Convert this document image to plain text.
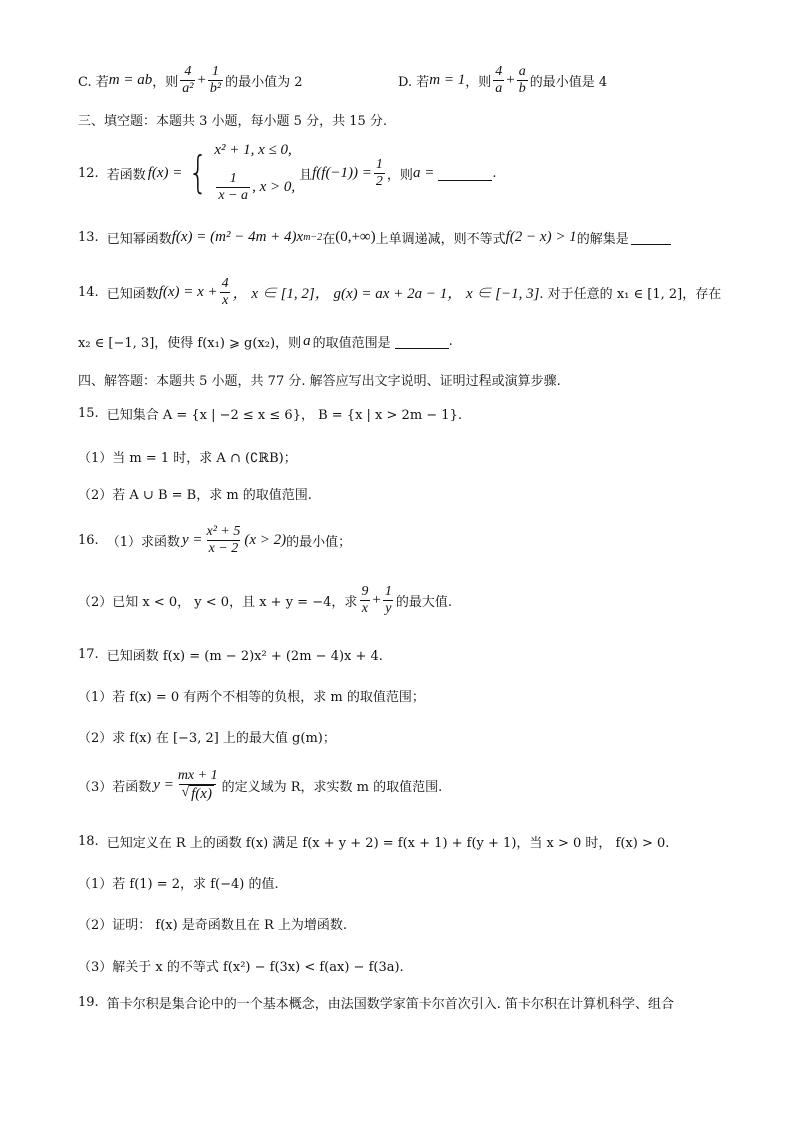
C. 若 m = ab ，则 $\frac{4}{\text{a²}} + \frac{1}{\text{b²}}$ 的最小值为 2	D. 若 m = 1 ，则 $\frac{4}{a} + \frac{a}{b}$ 的最小值是 4
三、填空题：本题共 3 小题，每小题 5 分，共 15 分.
12. 若函数 f(x) = { x² + 1, x ≤ 0,
$\frac{1}{x - a}$ , x > 0,
且 $f(f(-1)) = \frac{1}{2}$ ，则 a =	.
13. 已知幂函数 f(x) = (m² − 4m + 4)x m−2 在 (0,+∞) 上单调递减，则不等式 f(2 − x) > 1 的解集是
14. 已知函数 $f(x) = x + \frac{4}{x}$ ， x ∈ [1, 2] ， g(x) = ax + 2a − 1 ， x ∈ [−1, 3] . 对于任意的 x₁ ∈ [1, 2]，存在
x₂ ∈ [−1, 3]，使得 f(x₁) ⩾ g(x₂)，则 a 的取值范围是	.
四、解答题：本题共 5 小题，共 77 分. 解答应写出文字说明、证明过程或演算步骤.
15. 已知集合 A = {x | −2 ≤ x ≤ 6}， B = {x | x > 2m − 1}.
（1）当 m = 1 时，求 A ∩ (∁ℝB)；
（2）若 A ∪ B = B，求 m 的取值范围.
16. （1）求函数 $y = \frac{\text{x² + 5}}{x - 2} (x > 2)$ 的最小值；
（2）已知 x < 0， y < 0，且 x + y = −4，求 $\frac{9}{x} + \frac{1}{y}$ 的最大值.
17. 已知函数 f(x) = (m − 2)x² + (2m − 4)x + 4.
（1）若 f(x) = 0 有两个不相等的负根，求 m 的取值范围；
（2）求 f(x) 在 [−3, 2] 上的最大值 g(m)；
（3）若函数 $y = \frac{mx + 1}{√ f(x)}$ 的定义域为 R，求实数 m 的取值范围.
18. 已知定义在 R 上的函数 f(x) 满足 f(x + y + 2) = f(x + 1) + f(y + 1)，当 x > 0 时， f(x) > 0.
（1）若 f(1) = 2，求 f(−4) 的值.
（2）证明： f(x) 是奇函数且在 R 上为增函数.
（3）解关于 x 的不等式 f(x²) − f(3x) < f(ax) − f(3a).
19. 笛卡尔积是集合论中的一个基本概念，由法国数学家笛卡尔首次引入. 笛卡尔积在计算机科学、组合
